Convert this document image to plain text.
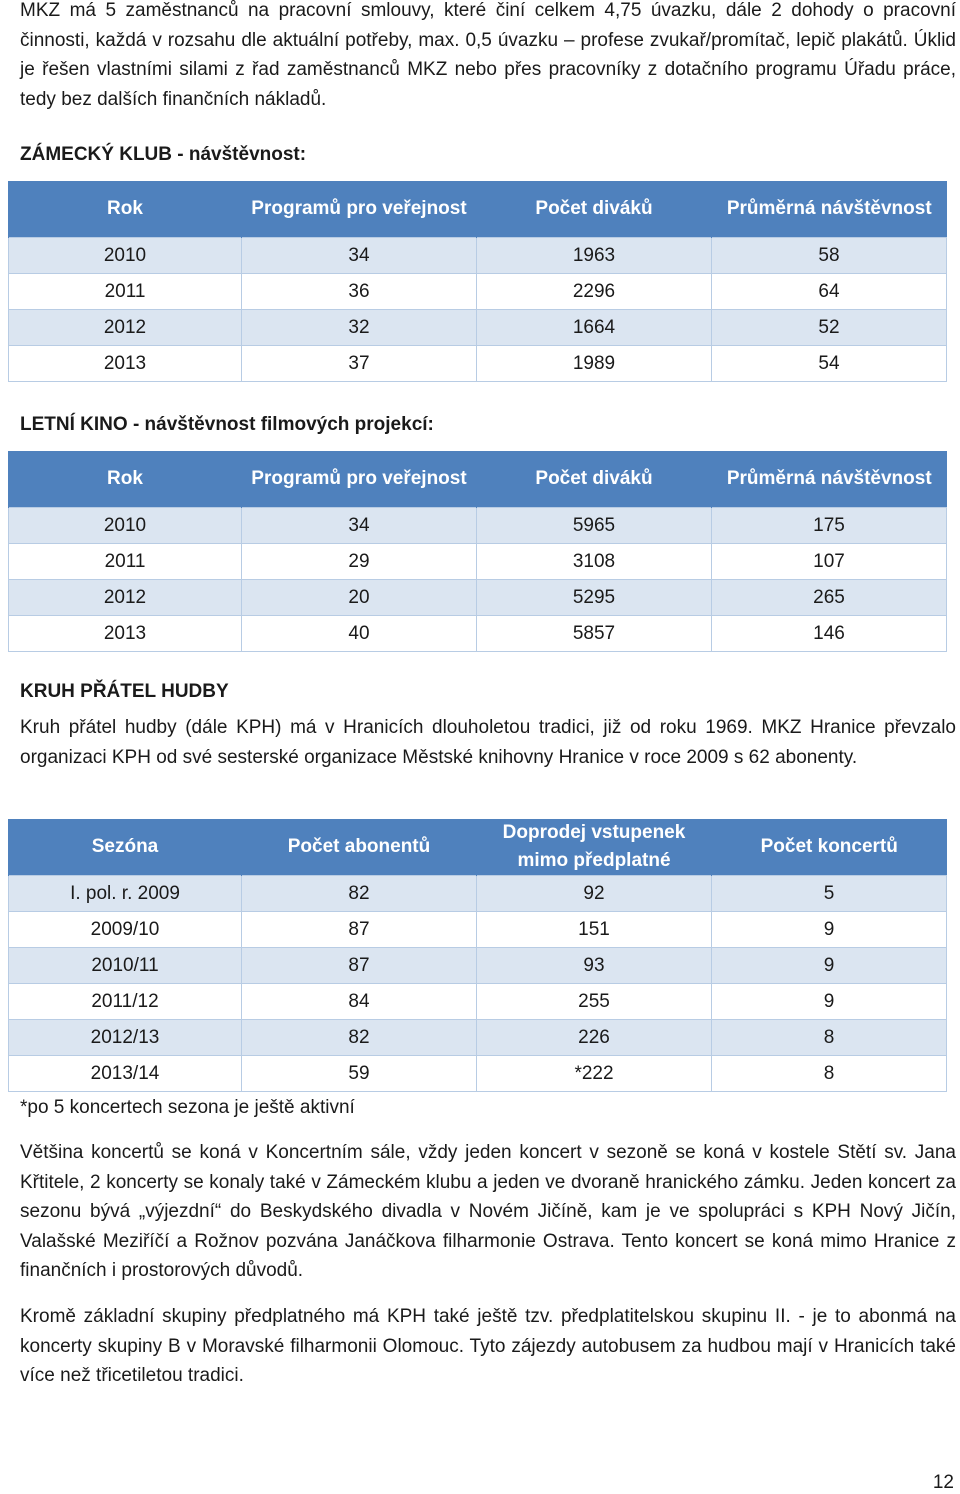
MKZ má 5 zaměstnanců na pracovní smlouvy, které činí celkem 4,75 úvazku, dále 2 dohody o pracovní činnosti, každá v rozsahu dle aktuální potřeby, max. 0,5 úvazku – profese zvukař/promítač, lepič plakátů. Úklid je řešen vlastními silami z řad zaměstnanců MKZ nebo přes pracovníky z dotačního programu Úřadu práce, tedy bez dalších finančních nákladů.

ZÁMECKÝ KLUB - návštěvnost:

Rok	Programů pro veřejnost	Počet diváků	Průměrná návštěvnost
2010	34	1963	58
2011	36	2296	64
2012	32	1664	52
2013	37	1989	54

LETNÍ KINO - návštěvnost filmových projekcí:

Rok	Programů pro veřejnost	Počet diváků	Průměrná návštěvnost
2010	34	5965	175
2011	29	3108	107
2012	20	5295	265
2013	40	5857	146

KRUH PŘÁTEL HUDBY

Kruh přátel hudby (dále KPH) má v Hranicích dlouholetou tradici, již od roku 1969. MKZ Hranice převzalo organizaci KPH od své sesterské organizace Městské knihovny Hranice v roce 2009 s 62 abonenty.

Sezóna	Počet abonentů	Doprodej vstupenek mimo předplatné	Počet koncertů
I. pol. r. 2009	82	92	5
2009/10	87	151	9
2010/11	87	93	9
2011/12	84	255	9
2012/13	82	226	8
2013/14	59	*222	8

*po 5 koncertech sezona je ještě aktivní

Většina koncertů se koná v Koncertním sále, vždy jeden koncert v sezoně se koná v kostele Stětí sv. Jana Křtitele, 2 koncerty se konaly také v Zámeckém klubu a jeden ve dvoraně hranického zámku. Jeden koncert za sezonu bývá „výjezdní“ do Beskydského divadla v Novém Jičíně, kam je ve spolupráci s KPH Nový Jičín, Valašské Meziříčí a Rožnov pozvána Janáčkova filharmonie Ostrava. Tento koncert se koná mimo Hranice z finančních i prostorových důvodů.

Kromě základní skupiny předplatného má KPH také ještě tzv. předplatitelskou skupinu II. - je to abonmá na koncerty skupiny B v Moravské filharmonii Olomouc. Tyto zájezdy autobusem za hudbou mají v Hranicích také více než třicetiletou tradici.

12
